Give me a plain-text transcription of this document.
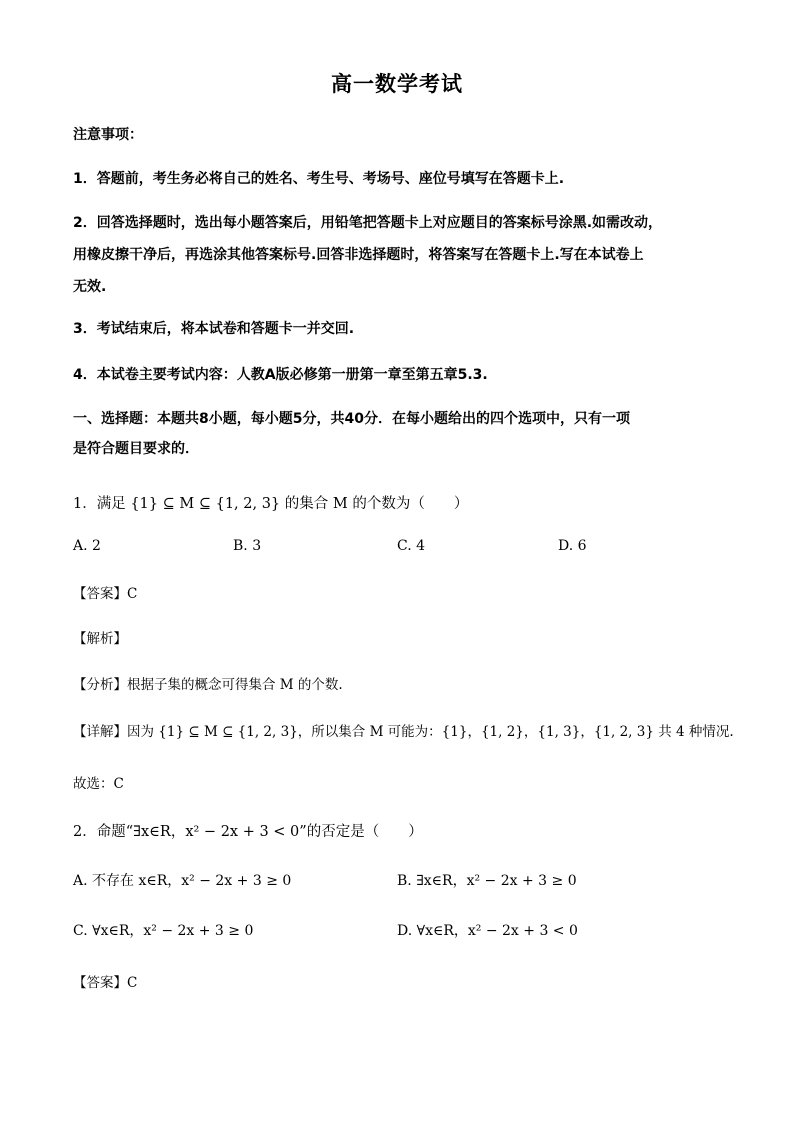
高一数学考试
注意事项：
1．答题前，考生务必将自己的姓名、考生号、考场号、座位号填写在答题卡上.
2．回答选择题时，选出每小题答案后，用铅笔把答题卡上对应题目的答案标号涂黑.如需改动，
用橡皮擦干净后，再选涂其他答案标号.回答非选择题时，将答案写在答题卡上.写在本试卷上
无效.
3．考试结束后，将本试卷和答题卡一并交回.
4．本试卷主要考试内容：人教A版必修第一册第一章至第五章5.3.
一、选择题：本题共8小题，每小题5分，共40分．在每小题给出的四个选项中，只有一项
是符合题目要求的．
1．满足 {1} ⊆ M ⊆ {1, 2, 3} 的集合 M 的个数为（　　）
A. 2	B. 3	C. 4	D. 6
【答案】C
【解析】
【分析】根据子集的概念可得集合 M 的个数.
【详解】因为 {1} ⊆ M ⊆ {1, 2, 3}，所以集合 M 可能为：{1}，{1, 2}，{1, 3}，{1, 2, 3} 共 4 种情况.
故选：C
2．命题“∃x∈R，x² − 2x + 3 < 0”的否定是（　　）
A. 不存在 x∈R，x² − 2x + 3 ≥ 0	B. ∃x∈R，x² − 2x + 3 ≥ 0
C. ∀x∈R，x² − 2x + 3 ≥ 0	D. ∀x∈R，x² − 2x + 3 < 0
【答案】C
